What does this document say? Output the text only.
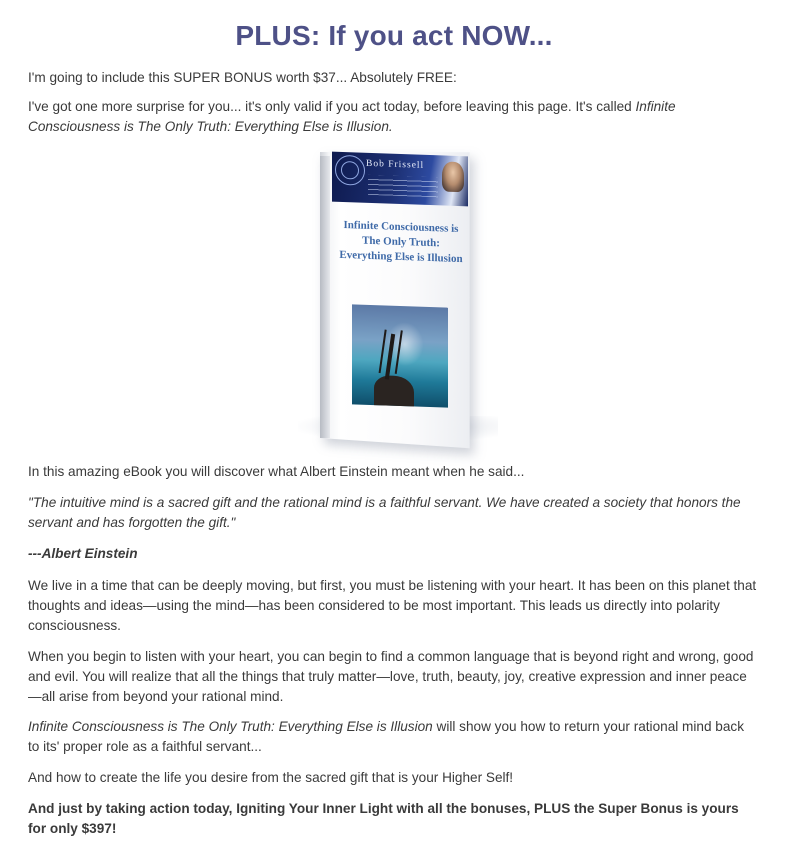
PLUS: If you act NOW...

I'm going to include this SUPER BONUS worth $37... Absolutely FREE:

I've got one more surprise for you... it's only valid if you act today, before leaving this page. It's called Infinite Consciousness is The Only Truth: Everything Else is Illusion.

Bob Frissell
Infinite Consciousness is The Only Truth: Everything Else is Illusion

In this amazing eBook you will discover what Albert Einstein meant when he said...

"The intuitive mind is a sacred gift and the rational mind is a faithful servant. We have created a society that honors the servant and has forgotten the gift."

---Albert Einstein

We live in a time that can be deeply moving, but first, you must be listening with your heart. It has been on this planet that thoughts and ideas—using the mind—has been considered to be most important. This leads us directly into polarity consciousness.

When you begin to listen with your heart, you can begin to find a common language that is beyond right and wrong, good and evil. You will realize that all the things that truly matter—love, truth, beauty, joy, creative expression and inner peace—all arise from beyond your rational mind.

Infinite Consciousness is The Only Truth: Everything Else is Illusion will show you how to return your rational mind back to its' proper role as a faithful servant...

And how to create the life you desire from the sacred gift that is your Higher Self!

And just by taking action today, Igniting Your Inner Light with all the bonuses, PLUS the Super Bonus is yours for only $397!
